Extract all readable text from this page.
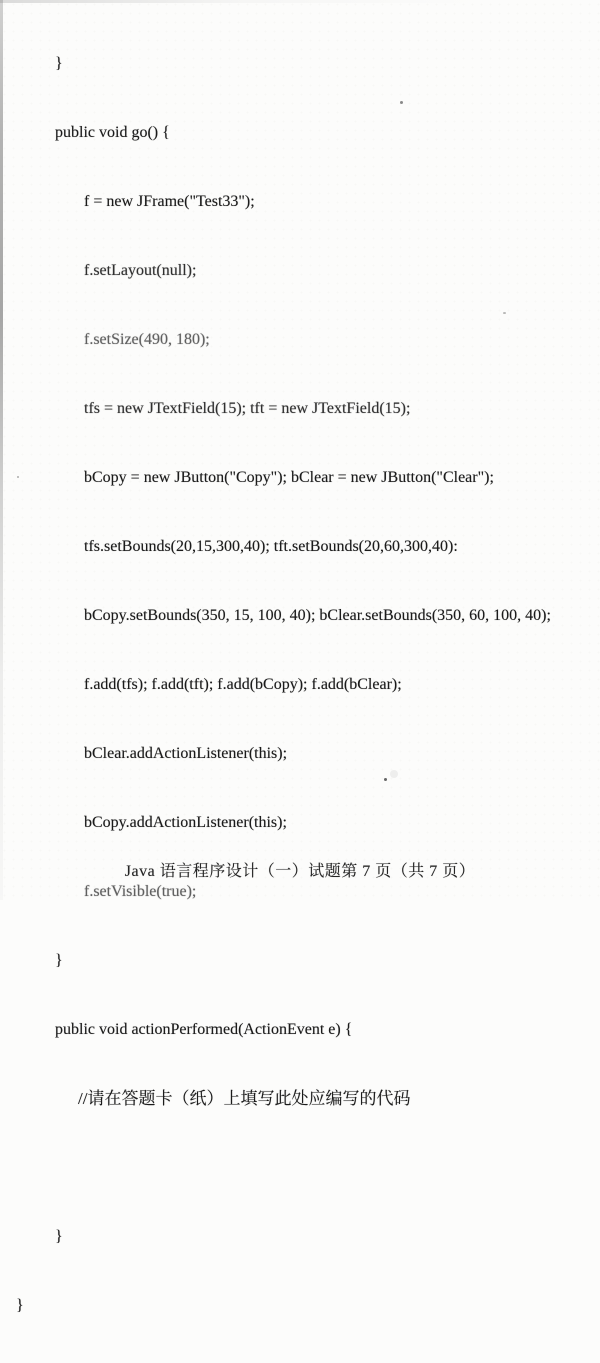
}

public void go() {

f = new JFrame("Test33");

f.setLayout(null);

f.setSize(490, 180);

tfs = new JTextField(15); tft = new JTextField(15);

bCopy = new JButton("Copy"); bClear = new JButton("Clear");

tfs.setBounds(20,15,300,40); tft.setBounds(20,60,300,40):

bCopy.setBounds(350, 15, 100, 40); bClear.setBounds(350, 60, 100, 40);

f.add(tfs); f.add(tft); f.add(bCopy); f.add(bClear);

bClear.addActionListener(this);

bCopy.addActionListener(this);

f.setVisible(true);

}

public void actionPerformed(ActionEvent e) {

//请在答题卡（纸）上填写此处应编写的代码

}

}

Java 语言程序设计（一）试题第 7 页（共 7 页）
